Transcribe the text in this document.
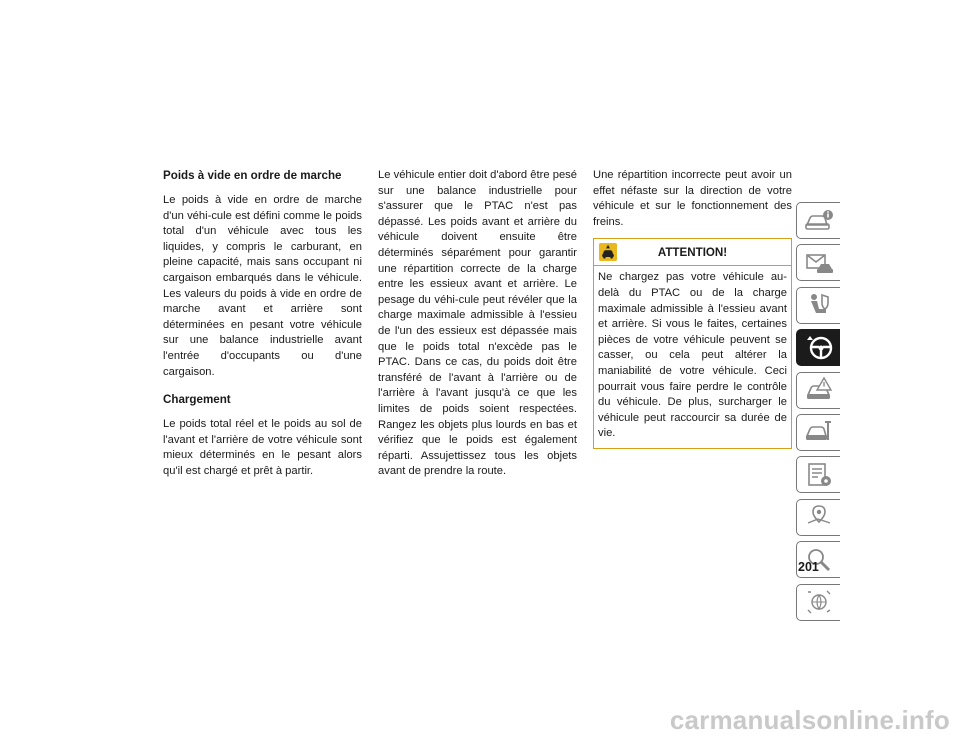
Poids à vide en ordre de marche

Le poids à vide en ordre de marche d'un véhi-cule est défini comme le poids total d'un véhicule avec tous les liquides, y compris le carburant, en pleine capacité, mais sans occupant ni cargaison embarqués dans le véhicule. Les valeurs du poids à vide en ordre de marche avant et arrière sont déterminées en pesant votre véhicule sur une balance industrielle avant l'entrée d'occupants ou d'une cargaison.

Chargement

Le poids total réel et le poids au sol de l'avant et l'arrière de votre véhicule sont mieux déterminés en le pesant alors qu'il est chargé et prêt à partir.

Le véhicule entier doit d'abord être pesé sur une balance industrielle pour s'assurer que le PTAC n'est pas dépassé. Les poids avant et arrière du véhicule doivent ensuite être déterminés séparément pour garantir une répartition correcte de la charge entre les essieux avant et arrière. Le pesage du véhi-cule peut révéler que la charge maximale admissible à l'essieu de l'un des essieux est dépassée mais que le poids total n'excède pas le PTAC. Dans ce cas, du poids doit être transféré de l'avant à l'arrière ou de l'arrière à l'avant jusqu'à ce que les limites de poids soient respectées. Rangez les objets plus lourds en bas et vérifiez que le poids est également réparti. Assujettissez tous les objets avant de prendre la route.

Une répartition incorrecte peut avoir un effet néfaste sur la direction de votre véhicule et sur le fonctionnement des freins.

ATTENTION!
Ne chargez pas votre véhicule au-delà du PTAC ou de la charge maximale admissible à l'essieu avant et arrière. Si vous le faites, certaines pièces de votre véhicule peuvent se casser, ou cela peut altérer la maniabilité de votre véhicule. Ceci pourrait vous faire perdre le contrôle du véhicule. De plus, surcharger le véhicule peut raccourcir sa durée de vie.
201
carmanualsonline.info
